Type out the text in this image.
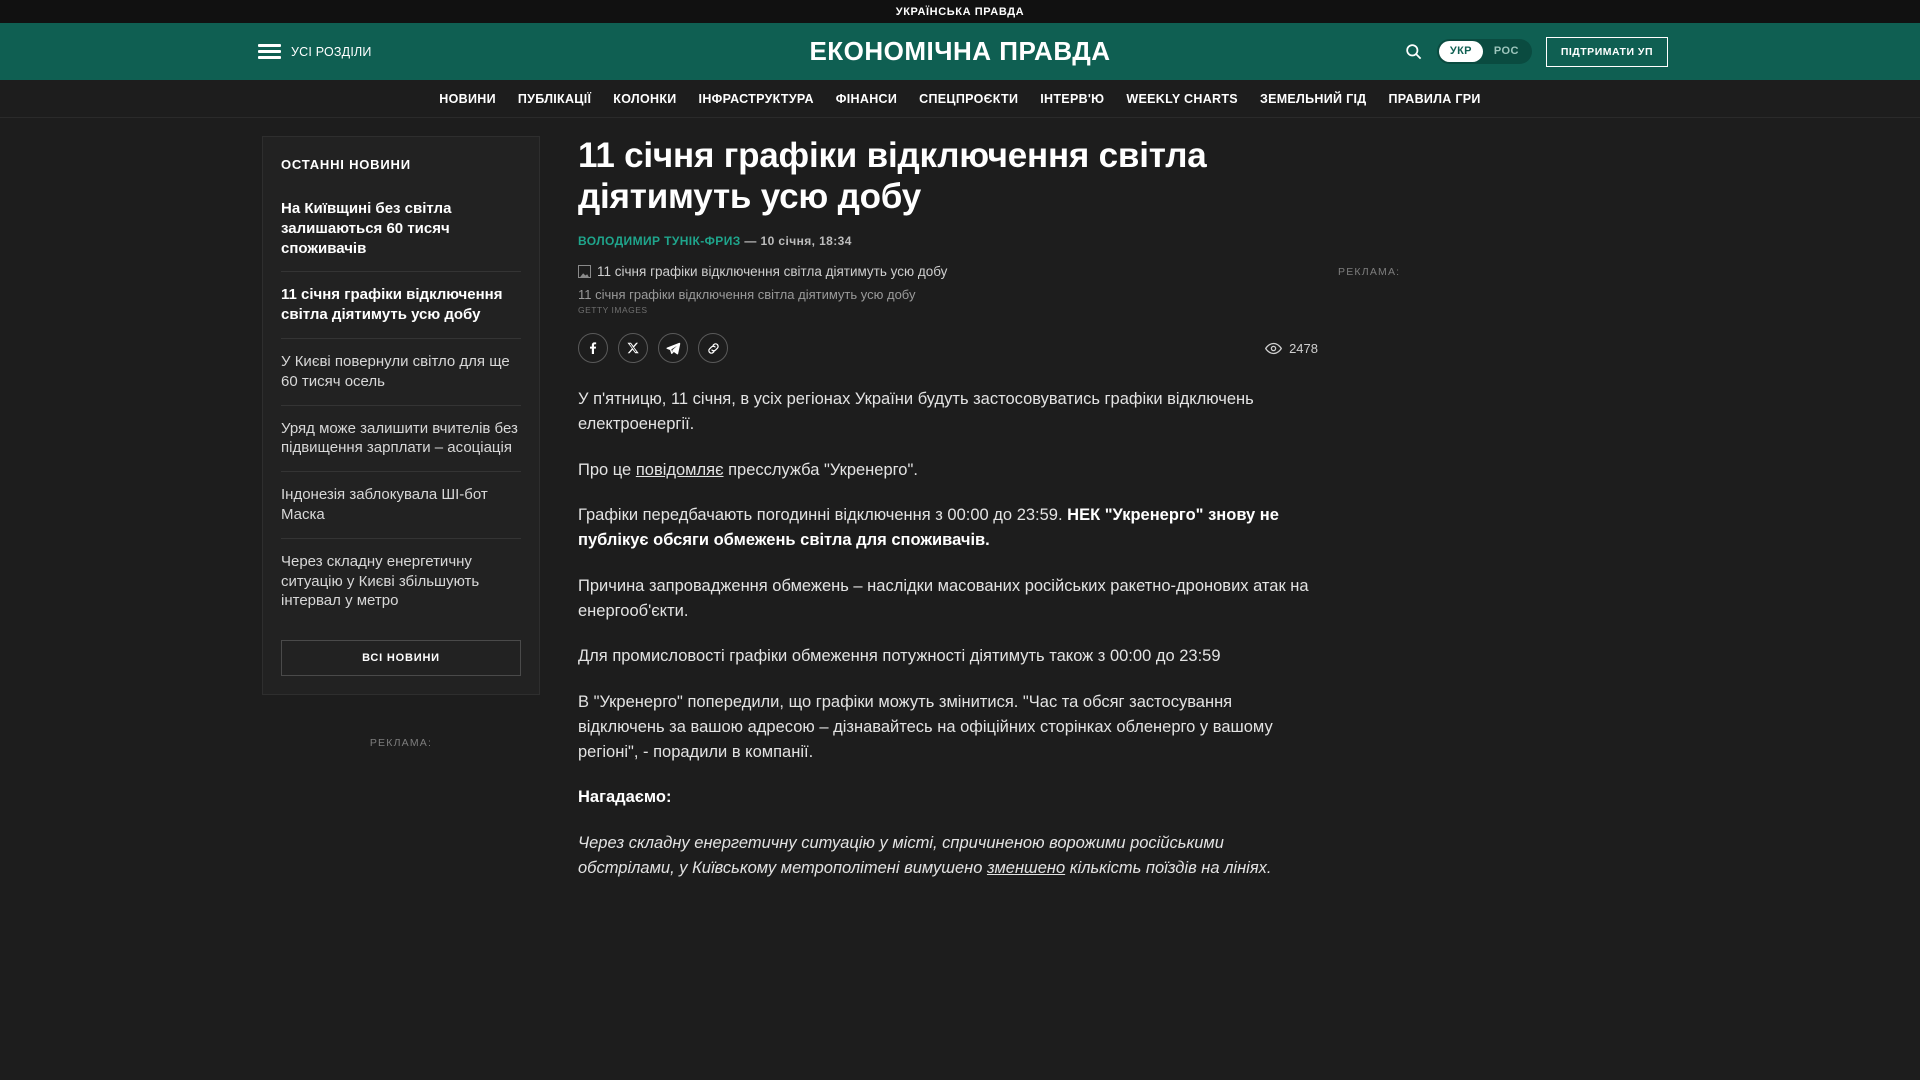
УКРАЇНСЬКА ПРАВДА
УСІ РОЗДІЛИ	ЕКОНОМІЧНА ПРАВДА	УКР	РОС	ПІДТРИМАТИ УП
НОВИНИ ПУБЛІКАЦІЇ КОЛОНКИ ІНФРАСТРУКТУРА ФІНАНСИ СПЕЦПРОЄКТИ ІНТЕРВ'Ю WEEKLY CHARTS ЗЕМЕЛЬНИЙ ГІД ПРАВИЛА ГРИ
ОСТАННІ НОВИНИ
На Київщині без світла залишаються 60 тисяч споживачів
11 січня графіки відключення світла діятимуть усю добу
У Києві повернули світло для ще 60 тисяч осель
Уряд може залишити вчителів без підвищення зарплати – асоціація
Індонезія заблокувала ШІ-бот Маска
Через складну енергетичну ситуацію у Києві збільшують інтервал у метро
ВСІ НОВИНИ
РЕКЛАМА:
11 січня графіки відключення світла діятимуть усю добу
ВОЛОДИМИР ТУНІК-ФРИЗ — 10 січня, 18:34
11 січня графіки відключення світла діятимуть усю добу
11 січня графіки відключення світла діятимуть усю добу
GETTY IMAGES
2478

У п'ятницю, 11 січня, в усіх регіонах України будуть застосовуватись графіки відключень електроенергії.

Про це повідомляє пресслужба "Укренерго".

Графіки передбачають погодинні відключення з 00:00 до 23:59. НЕК "Укренерго" знову не публікує обсяги обмежень світла для споживачів.

Причина запровадження обмежень – наслідки масованих російських ракетно-дронових атак на енергооб'єкти.

Для промисловості графіки обмеження потужності діятимуть також з 00:00 до 23:59

В "Укренерго" попередили, що графіки можуть змінитися. "Час та обсяг застосування відключень за вашою адресою – дізнавайтесь на офіційних сторінках обленерго у вашому регіоні", - порадили в компанії.

Нагадаємо:

Через складну енергетичну ситуацію у місті, спричиненою ворожими російськими обстрілами, у Київському метрополітені вимушено зменшено кількість поїздів на лініях.

РЕКЛАМА:
